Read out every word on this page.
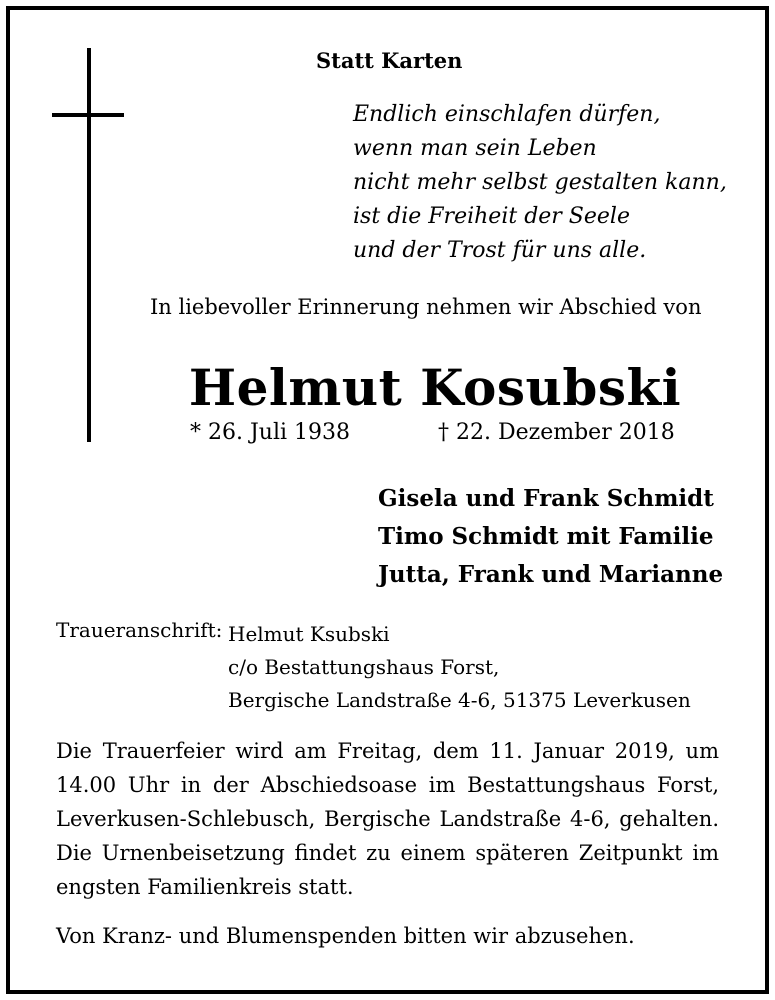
Statt Karten
Endlich einschlafen dürfen,
wenn man sein Leben
nicht mehr selbst gestalten kann,
ist die Freiheit der Seele
und der Trost für uns alle.
In liebevoller Erinnerung nehmen wir Abschied von
Helmut Kosubski
* 26. Juli 1938	† 22. Dezember 2018
Gisela und Frank Schmidt
Timo Schmidt mit Familie
Jutta, Frank und Marianne
Traueranschrift: Helmut Ksubski
c/o Bestattungshaus Forst,
Bergische Landstraße 4-6, 51375 Leverkusen
Die Trauerfeier wird am Freitag, dem 11. Januar 2019, um 14.00 Uhr in der Abschiedsoase im Bestattungshaus Forst, Leverkusen-Schlebusch, Bergische Landstraße 4-6, gehalten. Die Urnenbeisetzung findet zu einem späteren Zeitpunkt im engsten Familienkreis statt.
Von Kranz- und Blumenspenden bitten wir abzusehen.
